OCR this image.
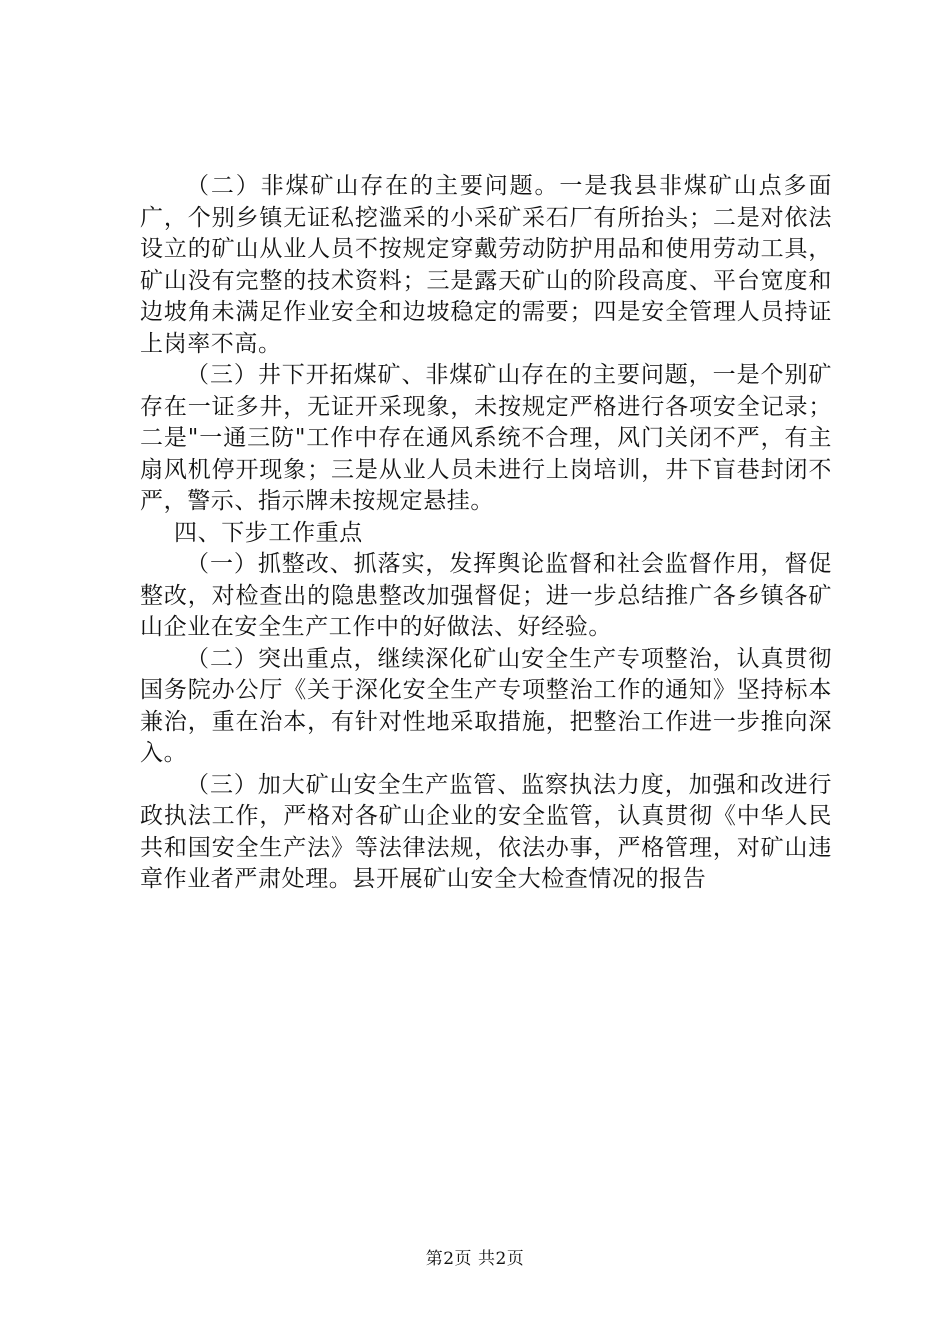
（二）非煤矿山存在的主要问题。一是我县非煤矿山点多面广，个别乡镇无证私挖滥采的小采矿采石厂有所抬头；二是对依法设立的矿山从业人员不按规定穿戴劳动防护用品和使用劳动工具，矿山没有完整的技术资料；三是露天矿山的阶段高度、平台宽度和边坡角未满足作业安全和边坡稳定的需要；四是安全管理人员持证上岗率不高。

（三）井下开拓煤矿、非煤矿山存在的主要问题，一是个别矿存在一证多井，无证开采现象，未按规定严格进行各项安全记录；二是"一通三防"工作中存在通风系统不合理，风门关闭不严，有主扇风机停开现象；三是从业人员未进行上岗培训，井下盲巷封闭不严，警示、指示牌未按规定悬挂。

四、下步工作重点

（一）抓整改、抓落实，发挥舆论监督和社会监督作用，督促整改，对检查出的隐患整改加强督促；进一步总结推广各乡镇各矿山企业在安全生产工作中的好做法、好经验。

（二）突出重点，继续深化矿山安全生产专项整治，认真贯彻国务院办公厅《关于深化安全生产专项整治工作的通知》坚持标本兼治，重在治本，有针对性地采取措施，把整治工作进一步推向深入。

（三）加大矿山安全生产监管、监察执法力度，加强和改进行政执法工作，严格对各矿山企业的安全监管，认真贯彻《中华人民共和国安全生产法》等法律法规，依法办事，严格管理，对矿山违章作业者严肃处理。县开展矿山安全大检查情况的报告

第2页 共2页
